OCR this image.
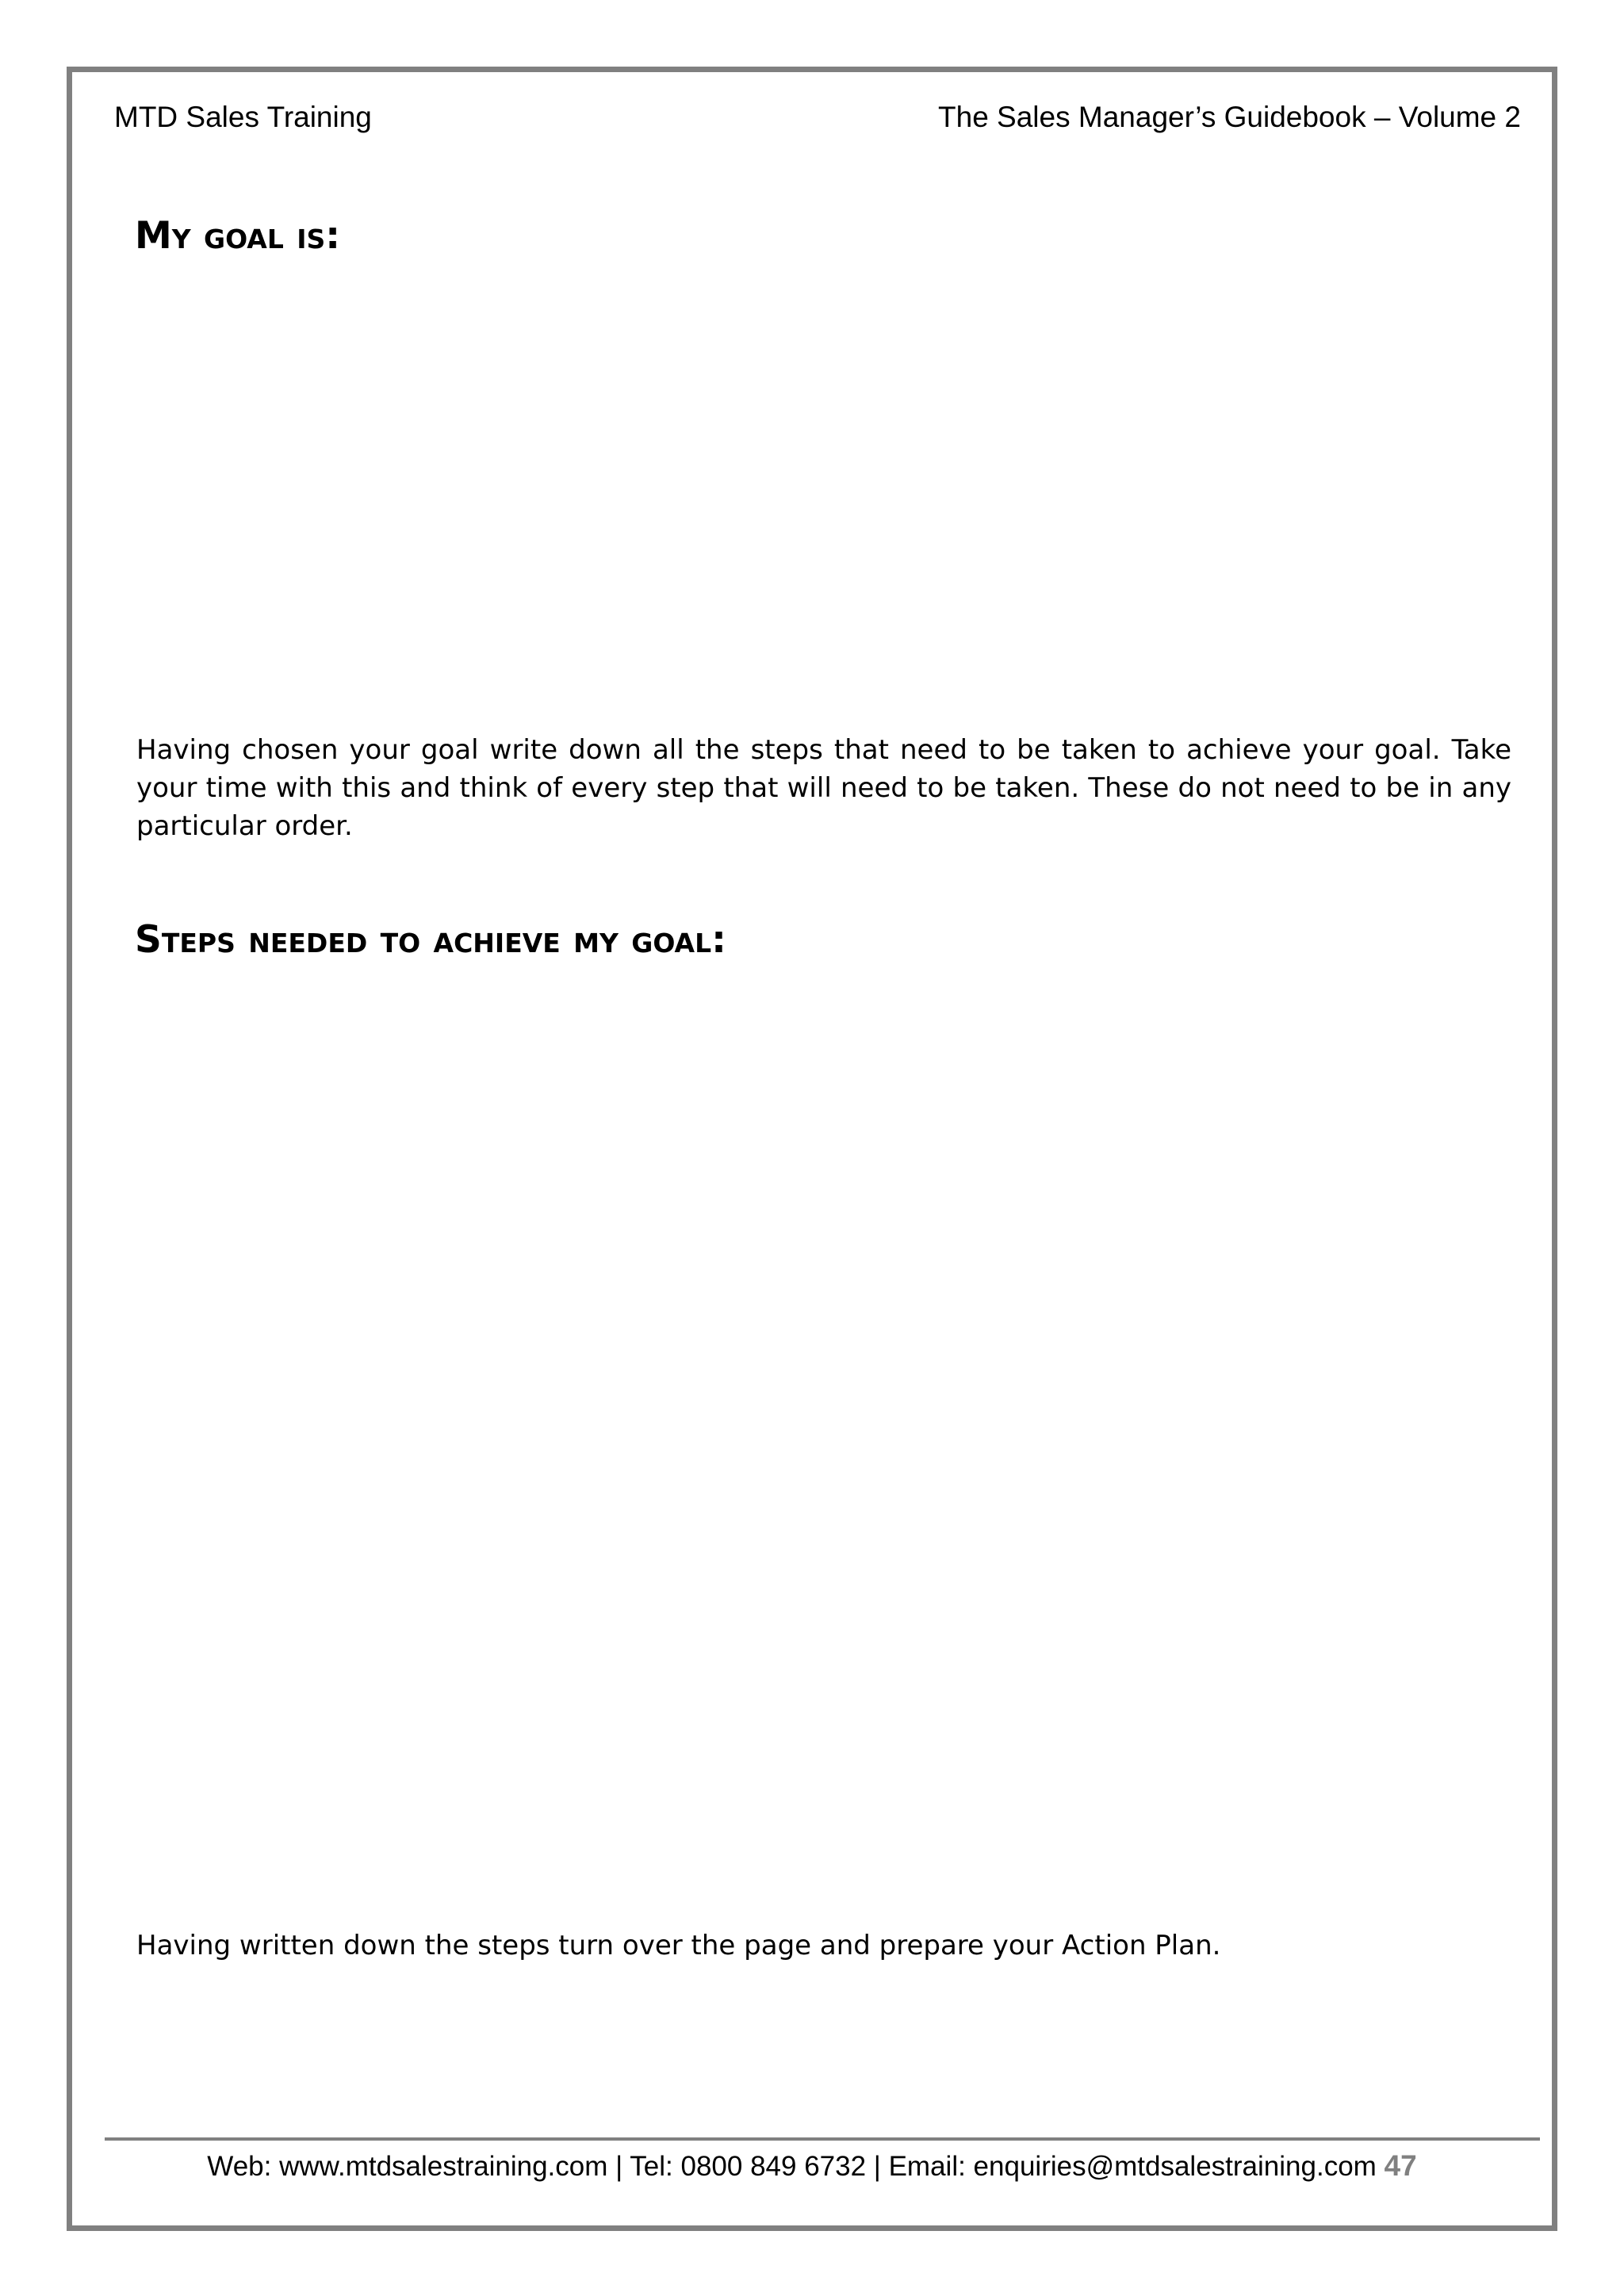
MTD Sales Training	The Sales Manager’s Guidebook – Volume 2
My goal is:
Having chosen your goal write down all the steps that need to be taken to achieve your goal. Take your time with this and think of every step that will need to be taken. These do not need to be in any particular order.
Steps needed to achieve my goal:
Having written down the steps turn over the page and prepare your Action Plan.
Web: www.mtdsalestraining.com | Tel: 0800 849 6732 | Email: enquiries@mtdsalestraining.com 47
